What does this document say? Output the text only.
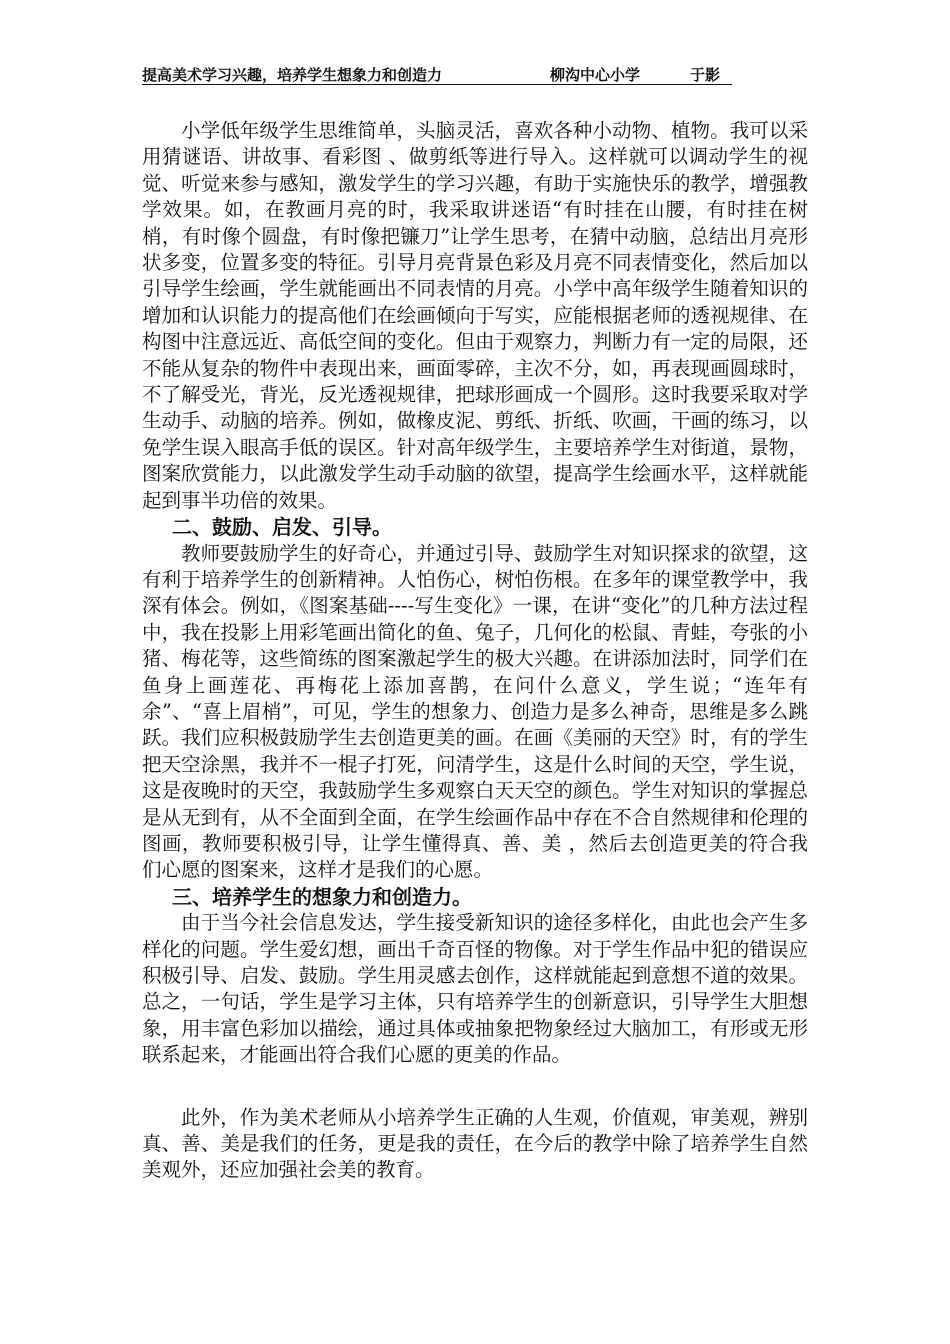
提高美术学习兴趣，培养学生想象力和创造力	柳沟中心小学	于影

小学低年级学生思维简单，头脑灵活，喜欢各种小动物、植物。我可以采用猜谜语、讲故事、看彩图 、做剪纸等进行导入。这样就可以调动学生的视觉、听觉来参与感知，激发学生的学习兴趣，有助于实施快乐的教学，增强教学效果。如，在教画月亮的时，我采取讲迷语“有时挂在山腰，有时挂在树梢，有时像个圆盘，有时像把镰刀”让学生思考，在猜中动脑，总结出月亮形状多变，位置多变的特征。引导月亮背景色彩及月亮不同表情变化，然后加以引导学生绘画，学生就能画出不同表情的月亮。小学中高年级学生随着知识的增加和认识能力的提高他们在绘画倾向于写实，应能根据老师的透视规律、在构图中注意远近、高低空间的变化。但由于观察力，判断力有一定的局限，还不能从复杂的物件中表现出来，画面零碎，主次不分，如，再表现画圆球时，不了解受光，背光，反光透视规律，把球形画成一个圆形。这时我要采取对学生动手、动脑的培养。例如，做橡皮泥、剪纸、折纸、吹画，干画的练习，以免学生误入眼高手低的误区。针对高年级学生，主要培养学生对街道，景物，图案欣赏能力，以此激发学生动手动脑的欲望，提高学生绘画水平，这样就能起到事半功倍的效果。

二、鼓励、启发、引导。

教师要鼓励学生的好奇心，并通过引导、鼓励学生对知识探求的欲望，这有利于培养学生的创新精神。人怕伤心，树怕伤根。在多年的课堂教学中，我深有体会。例如，《图案基础----写生变化》一课，在讲“变化”的几种方法过程中，我在投影上用彩笔画出简化的鱼、兔子，几何化的松鼠、青蛙，夸张的小猪、梅花等，这些简练的图案激起学生的极大兴趣。在讲添加法时，同学们在鱼身上画莲花、再梅花上添加喜鹊，在问什么意义，学生说；“连年有余”、“喜上眉梢”，可见，学生的想象力、创造力是多么神奇，思维是多么跳跃。我们应积极鼓励学生去创造更美的画。在画《美丽的天空》时，有的学生把天空涂黑，我并不一棍子打死，问清学生，这是什么时间的天空，学生说，这是夜晚时的天空，我鼓励学生多观察白天天空的颜色。学生对知识的掌握总是从无到有，从不全面到全面，在学生绘画作品中存在不合自然规律和伦理的图画，教师要积极引导，让学生懂得真、善、美 ，然后去创造更美的符合我们心愿的图案来，这样才是我们的心愿。

三、培养学生的想象力和创造力。

由于当今社会信息发达，学生接受新知识的途径多样化，由此也会产生多样化的问题。学生爱幻想，画出千奇百怪的物像。对于学生作品中犯的错误应积极引导、启发、鼓励。学生用灵感去创作，这样就能起到意想不道的效果。总之，一句话，学生是学习主体，只有培养学生的创新意识，引导学生大胆想象，用丰富色彩加以描绘，通过具体或抽象把物象经过大脑加工，有形或无形联系起来，才能画出符合我们心愿的更美的作品。

此外，作为美术老师从小培养学生正确的人生观，价值观，审美观，辨别真、善、美是我们的任务，更是我的责任，在今后的教学中除了培养学生自然美观外，还应加强社会美的教育。
